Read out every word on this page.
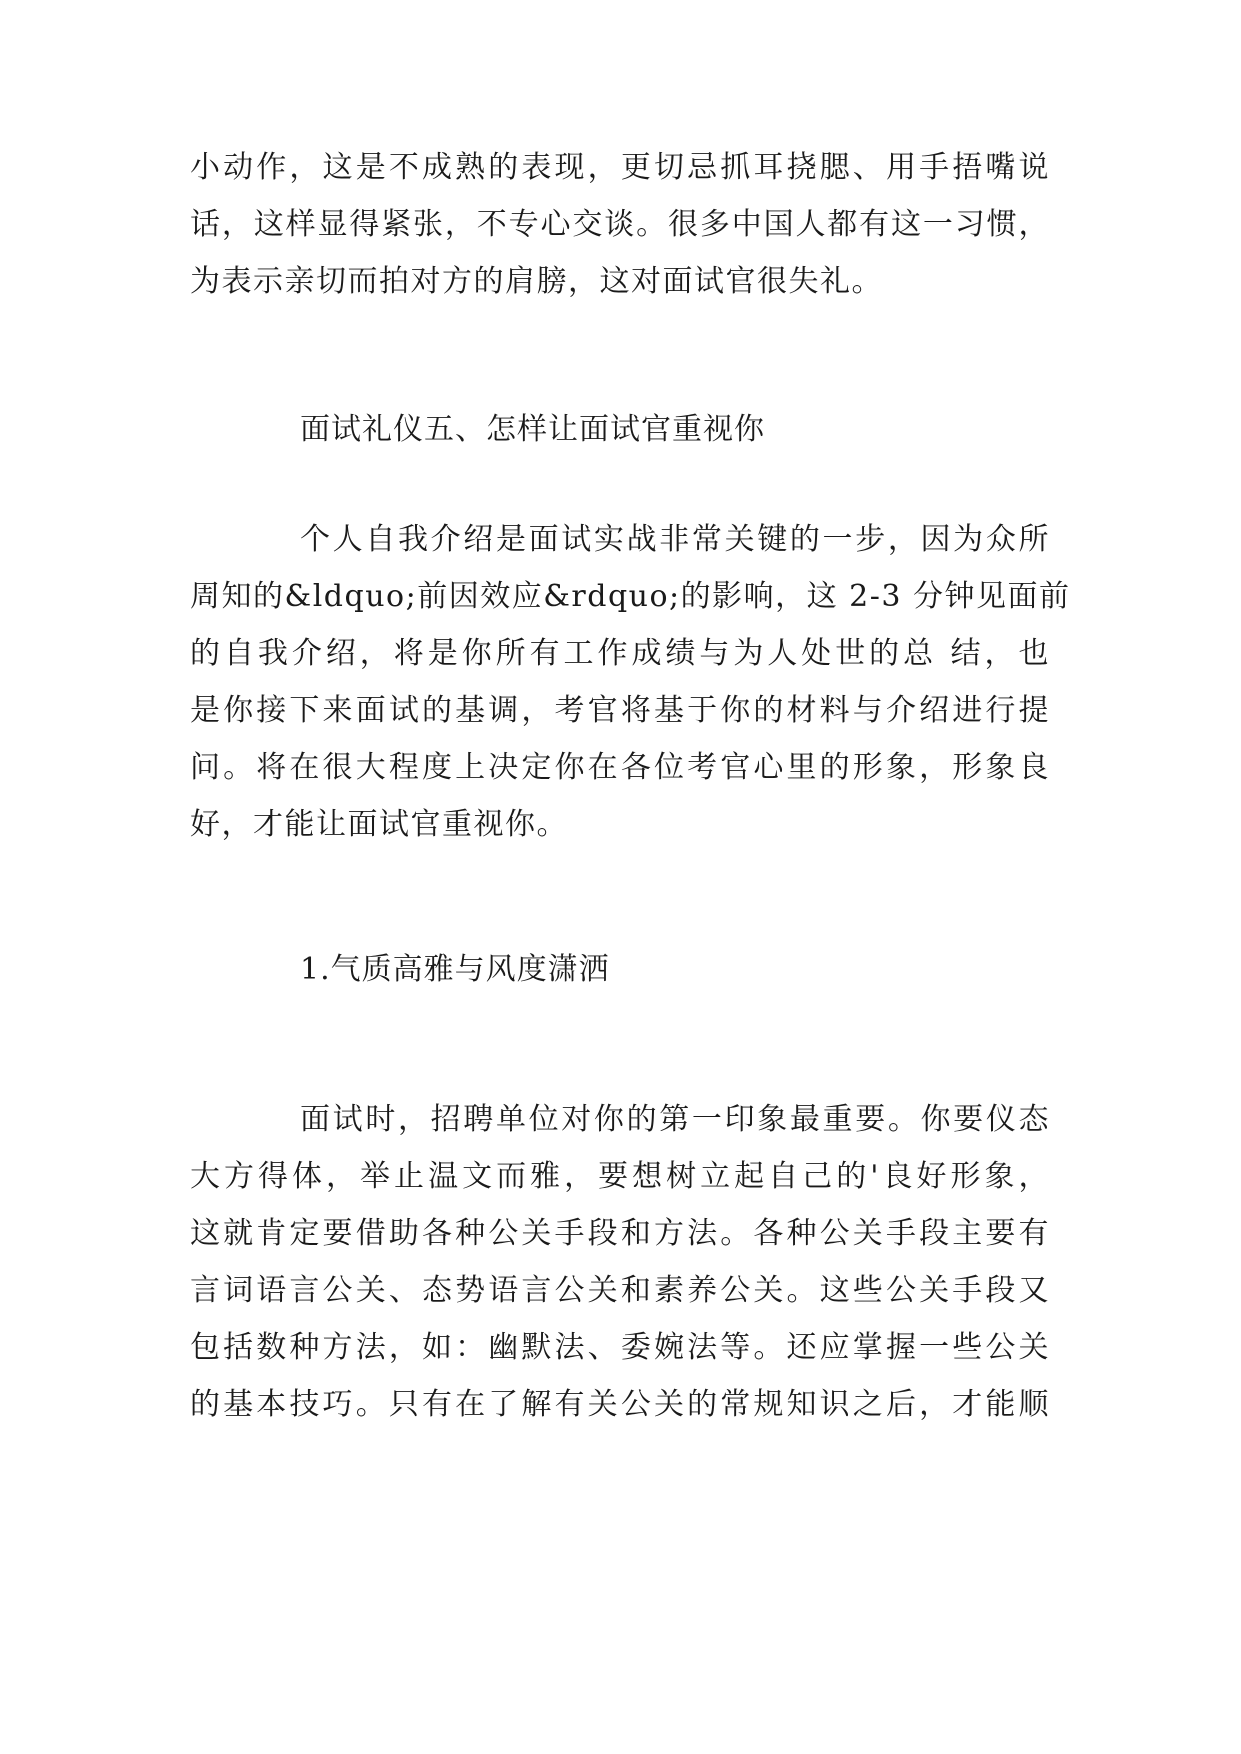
小动作，这是不成熟的表现，更切忌抓耳挠腮、用手捂嘴说
话，这样显得紧张，不专心交谈。很多中国人都有这一习惯，
为表示亲切而拍对方的肩膀，这对面试官很失礼。
面试礼仪五、怎样让面试官重视你
个人自我介绍是面试实战非常关键的一步，因为众所
周知的&ldquo;前因效应&rdquo;的影响，这 2-3 分钟见面前
的自我介绍，将是你所有工作成绩与为人处世的总 结，也
是你接下来面试的基调，考官将基于你的材料与介绍进行提
问。将在很大程度上决定你在各位考官心里的形象，形象良
好，才能让面试官重视你。
1.气质高雅与风度潇洒
面试时，招聘单位对你的第一印象最重要。你要仪态
大方得体，举止温文而雅，要想树立起自己的'良好形象，
这就肯定要借助各种公关手段和方法。各种公关手段主要有
言词语言公关、态势语言公关和素养公关。这些公关手段又
包括数种方法，如：幽默法、委婉法等。还应掌握一些公关
的基本技巧。只有在了解有关公关的常规知识之后，才能顺
